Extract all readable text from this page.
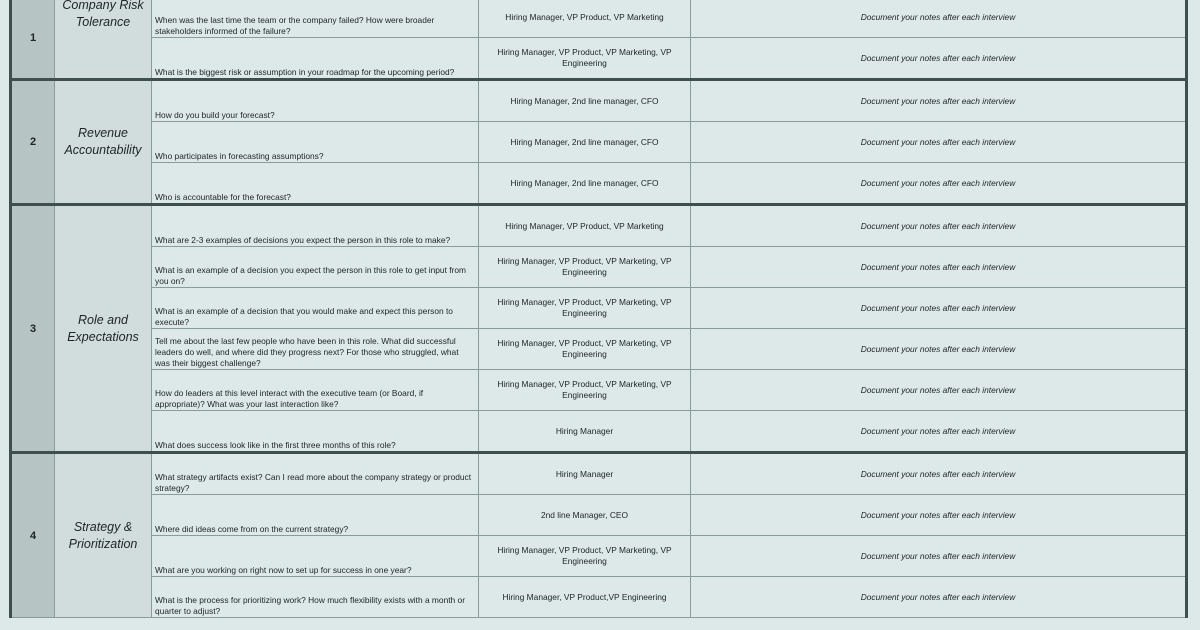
1	Company Risk Tolerance	When was the last time the team or the company failed? How were broader stakeholders informed of the failure?	Hiring Manager, VP Product, VP Marketing	Document your notes after each interview
		What is the biggest risk or assumption in your roadmap for the upcoming period?	Hiring Manager, VP Product, VP Marketing, VP Engineering	Document your notes after each interview
2	Revenue Accountability	How do you build your forecast?	Hiring Manager, 2nd line manager, CFO	Document your notes after each interview
		Who participates in forecasting assumptions?	Hiring Manager, 2nd line manager, CFO	Document your notes after each interview
		Who is accountable for the forecast?	Hiring Manager, 2nd line manager, CFO	Document your notes after each interview
3	Role and Expectations	What are 2-3 examples of decisions you expect the person in this role to make?	Hiring Manager, VP Product, VP Marketing	Document your notes after each interview
		What is an example of a decision you expect the person in this role to get input from you on?	Hiring Manager, VP Product, VP Marketing, VP Engineering	Document your notes after each interview
		What is an example of a decision that you would make and expect this person to execute?	Hiring Manager, VP Product, VP Marketing, VP Engineering	Document your notes after each interview
		Tell me about the last few people who have been in this role. What did successful leaders do well, and where did they progress next? For those who struggled, what was their biggest challenge?	Hiring Manager, VP Product, VP Marketing, VP Engineering	Document your notes after each interview
		How do leaders at this level interact with the executive team (or Board, if appropriate)? What was your last interaction like?	Hiring Manager, VP Product, VP Marketing, VP Engineering	Document your notes after each interview
		What does success look like in the first three months of this role?	Hiring Manager	Document your notes after each interview
4	Strategy & Prioritization	What strategy artifacts exist? Can I read more about the company strategy or product strategy?	Hiring Manager	Document your notes after each interview
		Where did ideas come from on the current strategy?	2nd line Manager, CEO	Document your notes after each interview
		What are you working on right now to set up for success in one year?	Hiring Manager, VP Product, VP Marketing, VP Engineering	Document your notes after each interview
		What is the process for prioritizing work? How much flexibility exists with a month or quarter to adjust?	Hiring Manager, VP Product,VP Engineering	Document your notes after each interview
